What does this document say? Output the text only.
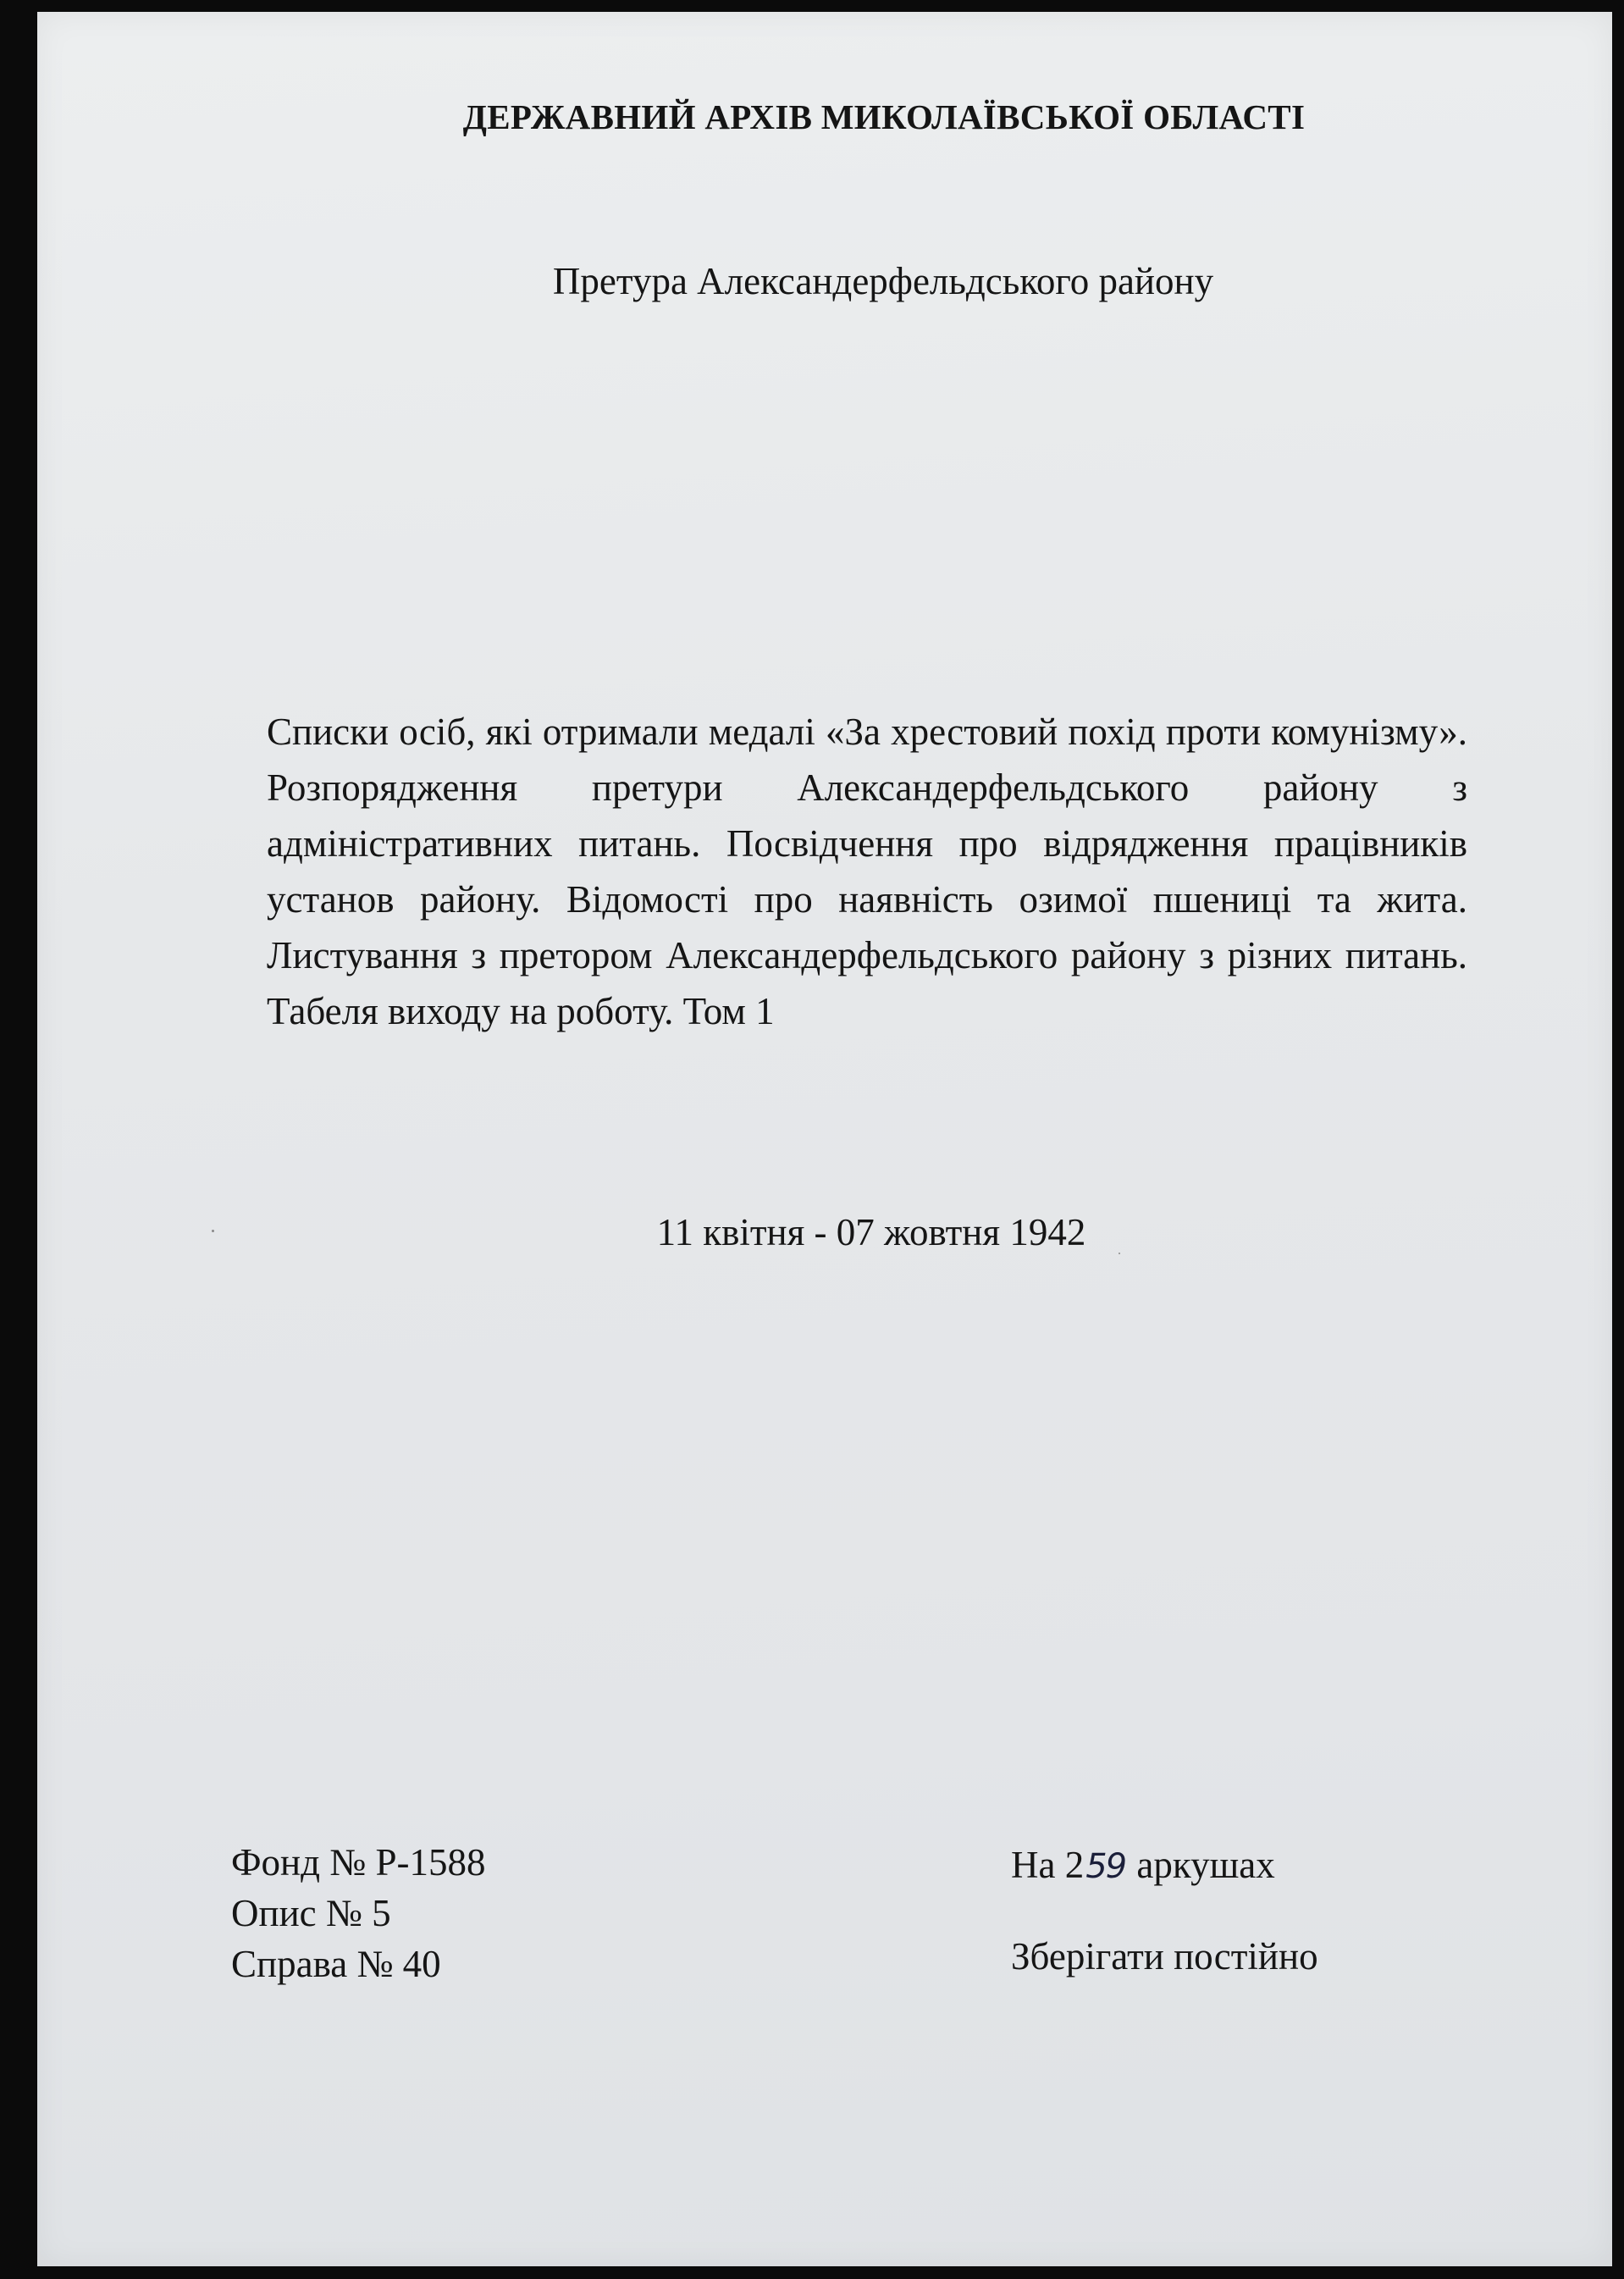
ДЕРЖАВНИЙ АРХІВ МИКОЛАЇВСЬКОЇ ОБЛАСТІ
Претура Александерфельдського району
Списки осіб, які отримали медалі «За хрестовий похід проти комунізму». Розпорядження претури Александерфельдського району з адміністративних питань. Посвідчення про відрядження працівників установ району. Відомості про наявність озимої пшениці та жита. Листування з претором Александерфельдського району з різних питань. Табеля виходу на роботу. Том 1
11 квітня - 07 жовтня 1942
Фонд № Р-1588
Опис № 5
Справа № 40
На 259 аркушах
Зберігати постійно
